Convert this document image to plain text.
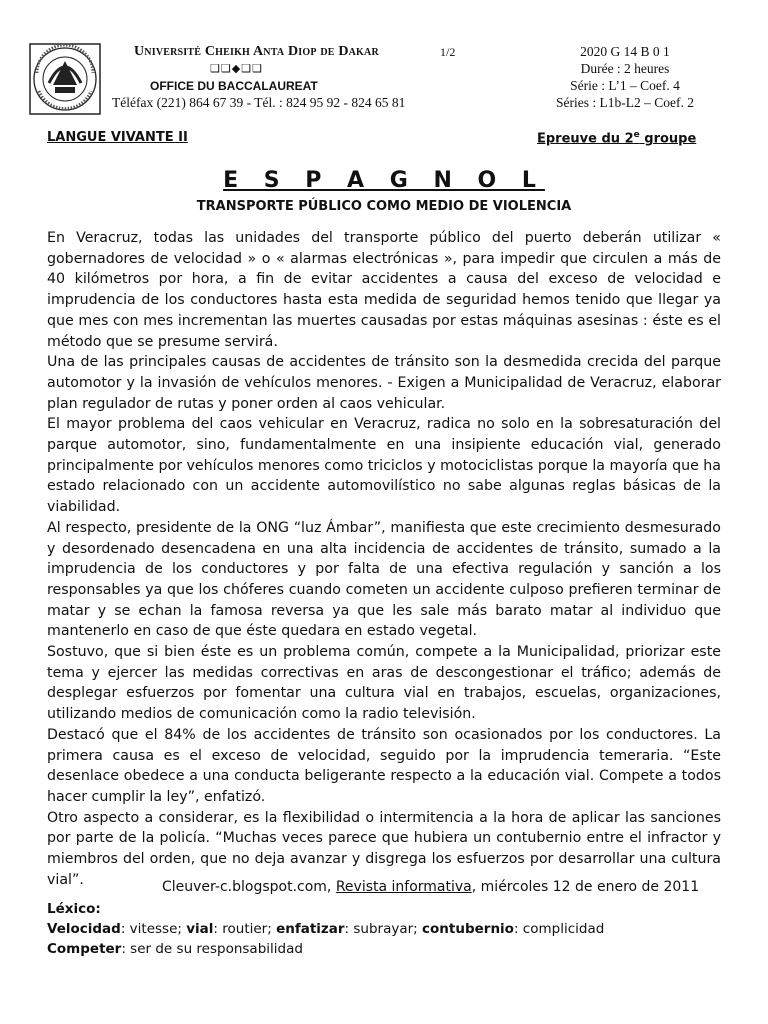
Université Cheikh Anta Diop de Dakar	1/2
❑❑◆❑❑
OFFICE DU BACCALAUREAT
Téléfax (221) 864 67 39 - Tél. : 824 95 92 - 824 65 81
2020 G 14 B 0 1
Durée : 2 heures
Série : L’1 – Coef. 4
Séries : L1b-L2 – Coef. 2
LANGUE VIVANTE II	Epreuve du 2e groupe
E S P A G N O L
TRANSPORTE PÚBLICO COMO MEDIO DE VIOLENCIA

En Veracruz, todas las unidades del transporte público del puerto deberán utilizar « gobernadores de velocidad » o « alarmas electrónicas », para impedir que circulen a más de 40 kilómetros por hora, a fin de evitar accidentes a causa del exceso de velocidad e imprudencia de los conductores hasta esta medida de seguridad hemos tenido que llegar ya que mes con mes incrementan las muertes causadas por estas máquinas asesinas : éste es el método que se presume servirá.

Una de las principales causas de accidentes de tránsito son la desmedida crecida del parque automotor y la invasión de vehículos menores. - Exigen a Municipalidad de Veracruz, elaborar plan regulador de rutas y poner orden al caos vehicular.

El mayor problema del caos vehicular en Veracruz, radica no solo en la sobresaturación del parque automotor, sino, fundamentalmente en una insipiente educación vial, generado principalmente por vehículos menores como triciclos y motociclistas porque la mayoría que ha estado relacionado con un accidente automovilístico no sabe algunas reglas básicas de la viabilidad.

Al respecto, presidente de la ONG “luz Ámbar”, manifiesta que este crecimiento desmesurado y desordenado desencadena en una alta incidencia de accidentes de tránsito, sumado a la imprudencia de los conductores y por falta de una efectiva regulación y sanción a los responsables ya que los chóferes cuando cometen un accidente culposo prefieren terminar de matar y se echan la famosa reversa ya que les sale más barato matar al individuo que mantenerlo en caso de que éste quedara en estado vegetal.

Sostuvo, que si bien éste es un problema común, compete a la Municipalidad, priorizar este tema y ejercer las medidas correctivas en aras de descongestionar el tráfico; además de desplegar esfuerzos por fomentar una cultura vial en trabajos, escuelas, organizaciones, utilizando medios de comunicación como la radio televisión.

Destacó que el 84% de los accidentes de tránsito son ocasionados por los conductores. La primera causa es el exceso de velocidad, seguido por la imprudencia temeraria. “Este desenlace obedece a una conducta beligerante respecto a la educación vial. Compete a todos hacer cumplir la ley”, enfatizó.

Otro aspecto a considerar, es la flexibilidad o intermitencia a la hora de aplicar las sanciones por parte de la policía. “Muchas veces parece que hubiera un contubernio entre el infractor y miembros del orden, que no deja avanzar y disgrega los esfuerzos por desarrollar una cultura vial”.	Cleuver-c.blogspot.com, Revista informativa, miércoles 12 de enero de 2011
Léxico:
Velocidad: vitesse; vial: routier; enfatizar: subrayar; contubernio: complicidad
Competer: ser de su responsabilidad
